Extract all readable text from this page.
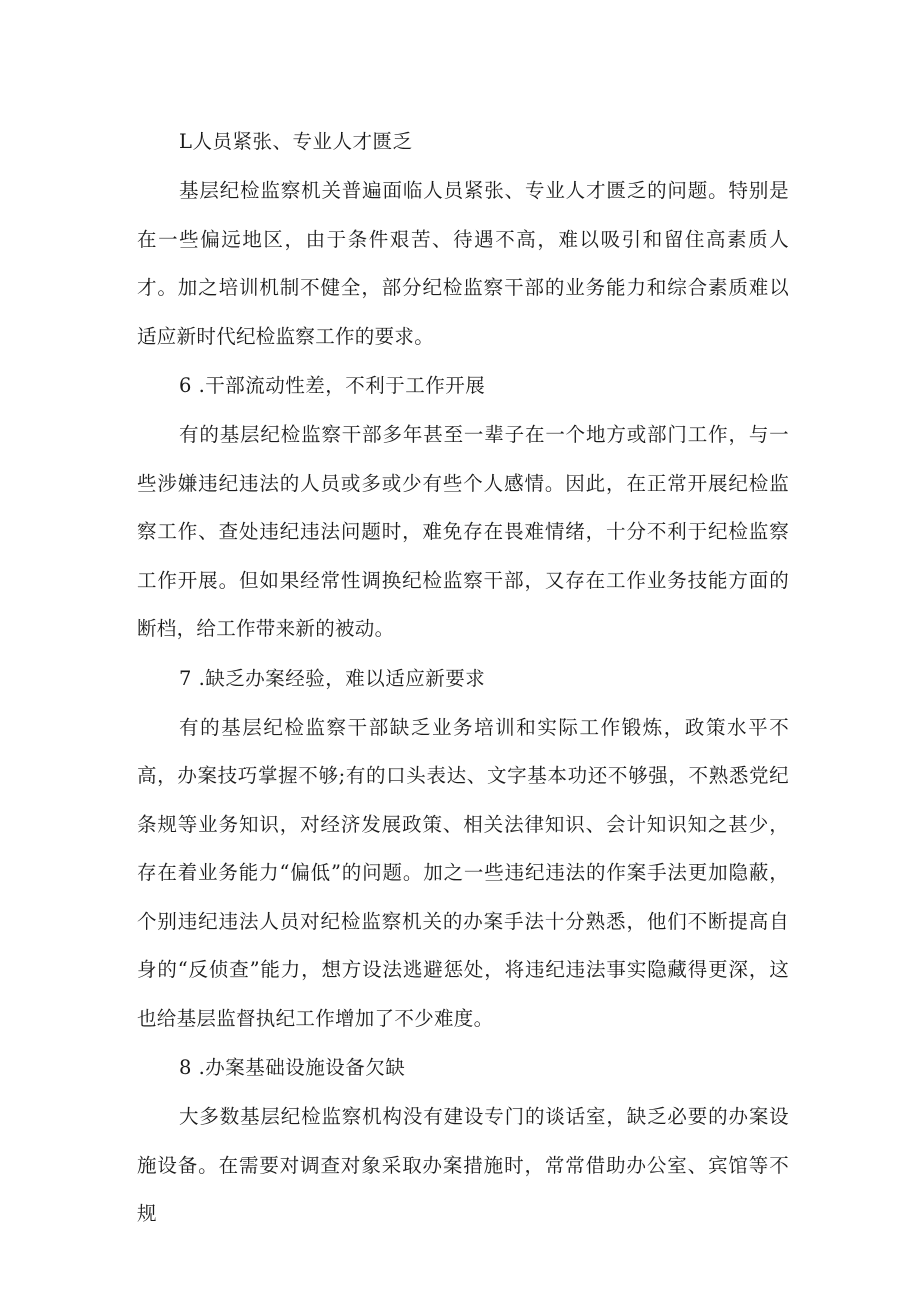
L人员紧张、专业人才匮乏

基层纪检监察机关普遍面临人员紧张、专业人才匮乏的问题。特别是在一些偏远地区，由于条件艰苦、待遇不高，难以吸引和留住高素质人才。加之培训机制不健全，部分纪检监察干部的业务能力和综合素质难以适应新时代纪检监察工作的要求。

6 .干部流动性差，不利于工作开展

有的基层纪检监察干部多年甚至一辈子在一个地方或部门工作，与一些涉嫌违纪违法的人员或多或少有些个人感情。因此，在正常开展纪检监察工作、查处违纪违法问题时，难免存在畏难情绪，十分不利于纪检监察工作开展。但如果经常性调换纪检监察干部，又存在工作业务技能方面的断档，给工作带来新的被动。

7 .缺乏办案经验，难以适应新要求

有的基层纪检监察干部缺乏业务培训和实际工作锻炼，政策水平不高，办案技巧掌握不够;有的口头表达、文字基本功还不够强，不熟悉党纪条规等业务知识，对经济发展政策、相关法律知识、会计知识知之甚少，存在着业务能力“偏低”的问题。加之一些违纪违法的作案手法更加隐蔽，个别违纪违法人员对纪检监察机关的办案手法十分熟悉，他们不断提高自身的“反侦查”能力，想方设法逃避惩处，将违纪违法事实隐藏得更深，这也给基层监督执纪工作增加了不少难度。

8 .办案基础设施设备欠缺

大多数基层纪检监察机构没有建设专门的谈话室，缺乏必要的办案设施设备。在需要对调查对象采取办案措施时，常常借助办公室、宾馆等不规
